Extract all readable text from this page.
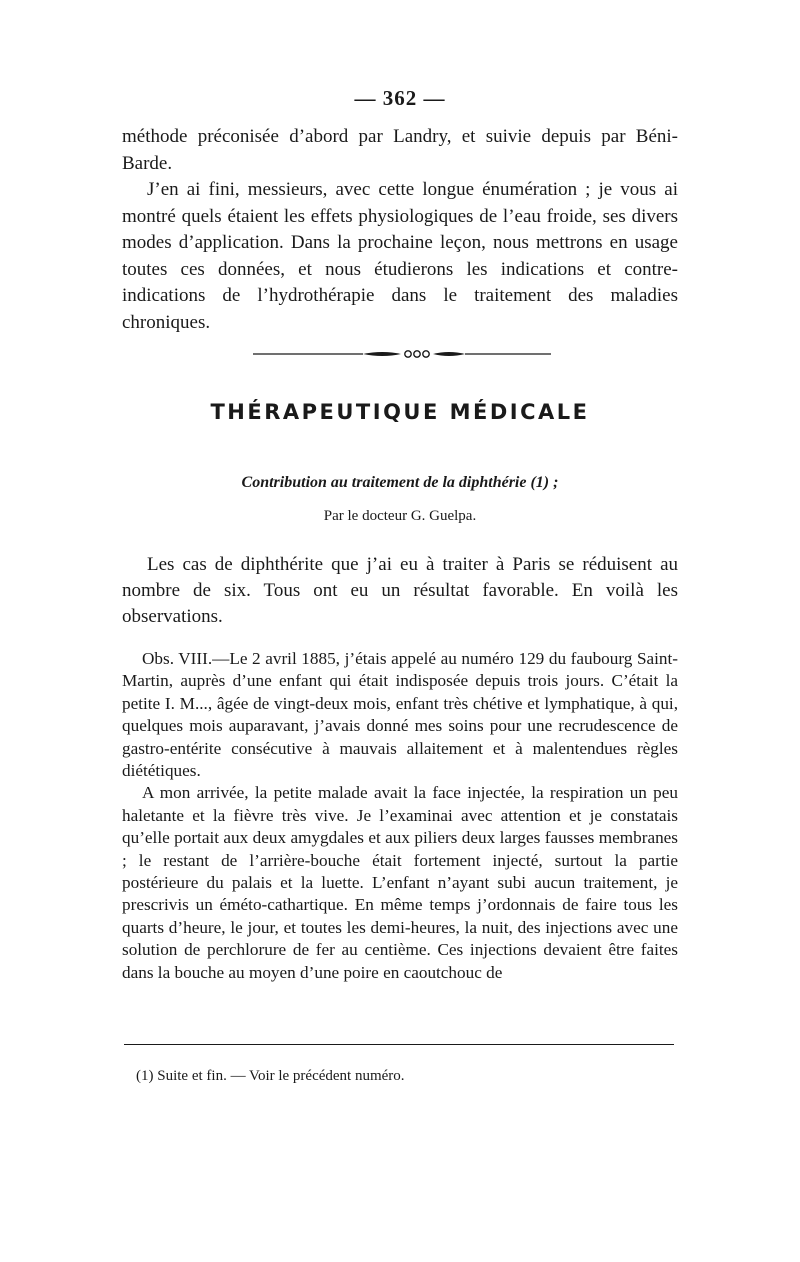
— 362 —

méthode préconisée d’abord par Landry, et suivie depuis par Béni-Barde.

J’en ai fini, messieurs, avec cette longue énumération ; je vous ai montré quels étaient les effets physiologiques de l’eau froide, ses divers modes d’application. Dans la prochaine leçon, nous mettrons en usage toutes ces données, et nous étudierons les indications et contre-indications de l’hydrothérapie dans le traitement des maladies chroniques.

THÉRAPEUTIQUE MÉDICALE
Contribution au traitement de la diphthérie (1) ;
Par le docteur G. Guelpa.

Les cas de diphthérite que j’ai eu à traiter à Paris se réduisent au nombre de six. Tous ont eu un résultat favorable. En voilà les observations.

Obs. VIII.—Le 2 avril 1885, j’étais appelé au numéro 129 du faubourg Saint-Martin, auprès d’une enfant qui était indisposée depuis trois jours. C’était la petite I. M..., âgée de vingt-deux mois, enfant très chétive et lymphatique, à qui, quelques mois auparavant, j’avais donné mes soins pour une recrudescence de gastro-entérite consécutive à mauvais allaitement et à malentendues règles diététiques.

A mon arrivée, la petite malade avait la face injectée, la respiration un peu haletante et la fièvre très vive. Je l’examinai avec attention et je constatais qu’elle portait aux deux amygdales et aux piliers deux larges fausses membranes ; le restant de l’arrière-bouche était fortement injecté, surtout la partie postérieure du palais et la luette. L’enfant n’ayant subi aucun traitement, je prescrivis un éméto-cathartique. En même temps j’ordonnais de faire tous les quarts d’heure, le jour, et toutes les demi-heures, la nuit, des injections avec une solution de perchlorure de fer au centième. Ces injections devaient être faites dans la bouche au moyen d’une poire en caoutchouc de

(1) Suite et fin. — Voir le précédent numéro.
